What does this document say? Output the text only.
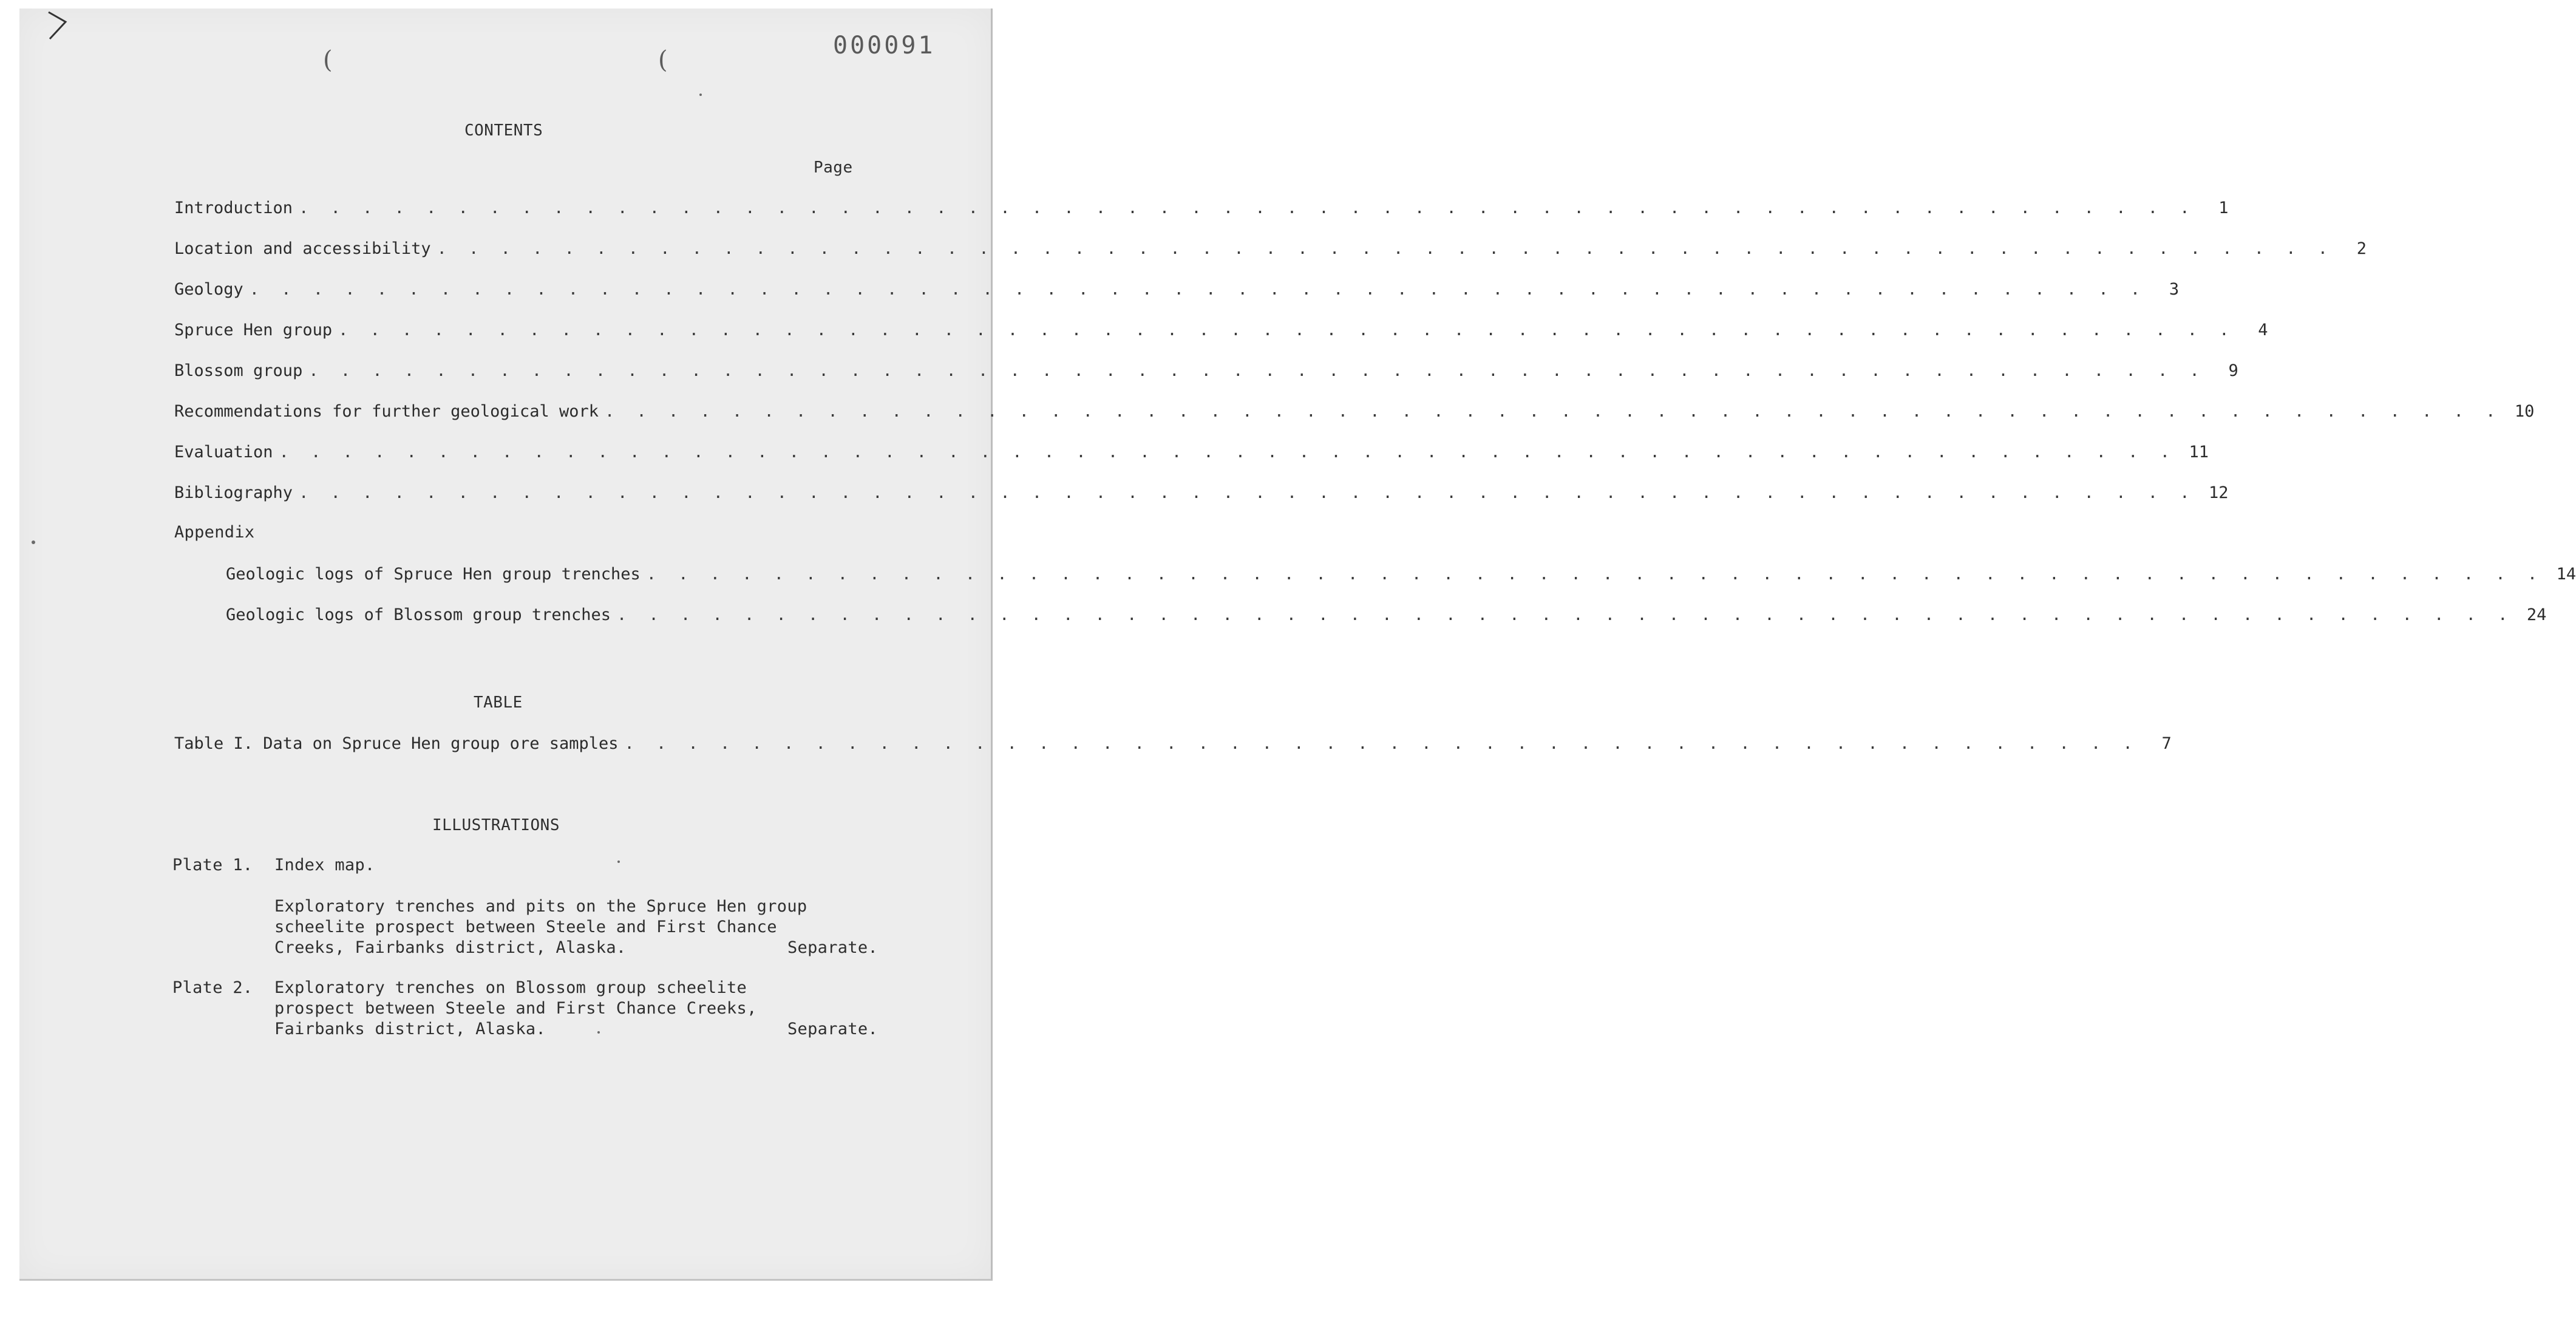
(	(
000091
CONTENTS
Page
Introduction . . . . . . . . . . . . . . . . . . . . . . . . . . . . . . . . . . . . . . . . . . . . . . . . . . . . . . . . . . . .	1
Location and accessibility . . . . . . . . . . . . . . . . . . . . . . . . . . . . . . . . . . . . . . . . . . . . . . . . . . . . . . . . . . . .	2
Geology . . . . . . . . . . . . . . . . . . . . . . . . . . . . . . . . . . . . . . . . . . . . . . . . . . . . . . . . . . . .	3
Spruce Hen group . . . . . . . . . . . . . . . . . . . . . . . . . . . . . . . . . . . . . . . . . . . . . . . . . . . . . . . . . . . .	4
Blossom group . . . . . . . . . . . . . . . . . . . . . . . . . . . . . . . . . . . . . . . . . . . . . . . . . . . . . . . . . . . .	9
Recommendations for further geological work . . . . . . . . . . . . . . . . . . . . . . . . . . . . . . . . . . . . . . . . . . . . . . . . . . . . . . . . . . . . 10
Evaluation . . . . . . . . . . . . . . . . . . . . . . . . . . . . . . . . . . . . . . . . . . . . . . . . . . . . . . . . . . . . 11
Bibliography . . . . . . . . . . . . . . . . . . . . . . . . . . . . . . . . . . . . . . . . . . . . . . . . . . . . . . . . . . . . 12
Appendix
Geologic logs of Spruce Hen group trenches . . . . . . . . . . . . . . . . . . . . . . . . . . . . . . . . . . . . . . . . . . . . . . . . . . . . . . . . . . . . 14
Geologic logs of Blossom group trenches . . . . . . . . . . . . . . . . . . . . . . . . . . . . . . . . . . . . . . . . . . . . . . . . . . . . . . . . . . . . 24
TABLE
Table I. Data on Spruce Hen group ore samples . . . . . . . . . . . . . . . . . . . . . . . . . . . . . . . . . . . . . . . . . . . . . . . .	7
ILLUSTRATIONS
Plate 1. Index map.
Exploratory trenches and pits on the Spruce Hen group
scheelite prospect between Steele and First Chance
Creeks, Fairbanks district, Alaska.	Separate.
Plate 2. Exploratory trenches on Blossom group scheelite
prospect between Steele and First Chance Creeks,
Fairbanks district, Alaska.	Separate.
